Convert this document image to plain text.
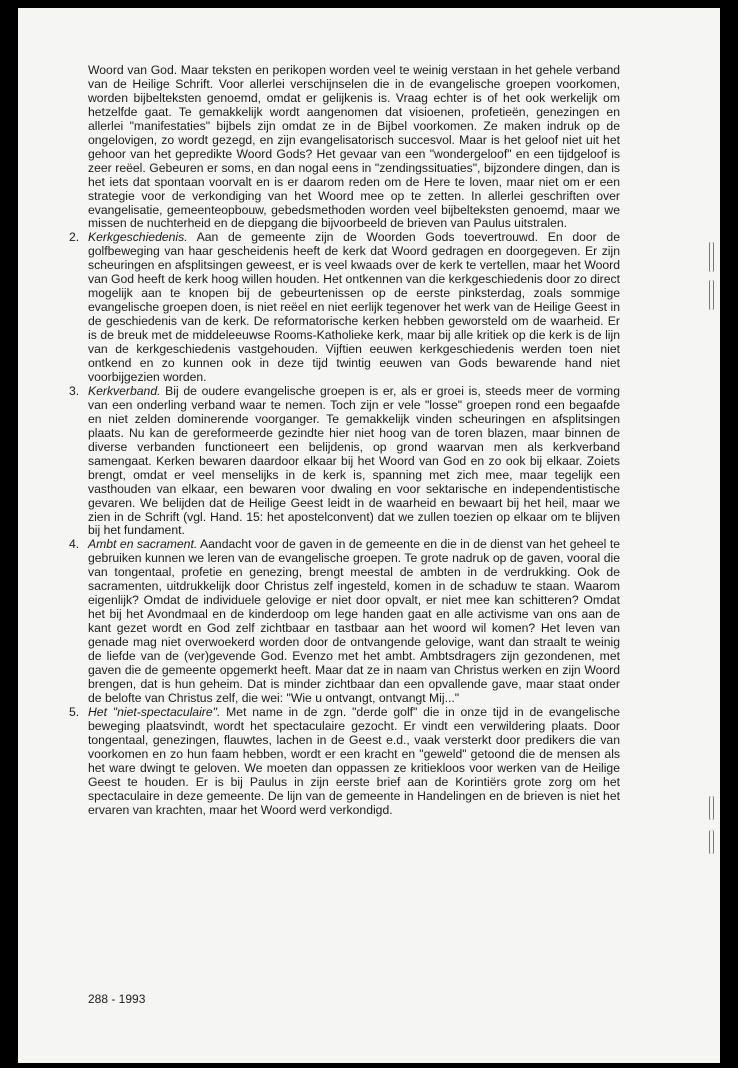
Woord van God. Maar teksten en perikopen worden veel te weinig verstaan in het gehele verband van de Heilige Schrift. Voor allerlei verschijnselen die in de evangelische groepen voorkomen, worden bijbelteksten genoemd, omdat er gelijkenis is. Vraag echter is of het ook werkelijk om hetzelfde gaat. Te gemakkelijk wordt aangenomen dat visioenen, profetieën, genezingen en allerlei "manifestaties" bijbels zijn omdat ze in de Bijbel voorkomen. Ze maken indruk op de ongelovigen, zo wordt gezegd, en zijn evangelisatorisch succesvol. Maar is het geloof niet uit het gehoor van het gepredikte Woord Gods? Het gevaar van een "wondergeloof" en een tijdgeloof is zeer reëel. Gebeuren er soms, en dan nogal eens in "zendingssituaties", bijzondere dingen, dan is het iets dat spontaan voorvalt en is er daarom reden om de Here te loven, maar niet om er een strategie voor de verkondiging van het Woord mee op te zetten. In allerlei geschriften over evangelisatie, gemeenteopbouw, gebedsmethoden worden veel bijbelteksten genoemd, maar we missen de nuchterheid en de diepgang die bijvoorbeeld de brieven van Paulus uitstralen.

2. Kerkgeschiedenis. Aan de gemeente zijn de Woorden Gods toevertrouwd. En door de golfbeweging van haar gescheidenis heeft de kerk dat Woord gedragen en doorgegeven. Er zijn scheuringen en afsplitsingen geweest, er is veel kwaads over de kerk te vertellen, maar het Woord van God heeft de kerk hoog willen houden. Het ontkennen van die kerkgeschiedenis door zo direct mogelijk aan te knopen bij de gebeurtenissen op de eerste pinksterdag, zoals sommige evangelische groepen doen, is niet reëel en niet eerlijk tegenover het werk van de Heilige Geest in de geschiedenis van de kerk. De reformatorische kerken hebben geworsteld om de waarheid. Er is de breuk met de middeleeuwse Rooms-Katholieke kerk, maar bij alle kritiek op die kerk is de lijn van de kerkgeschiedenis vastgehouden. Vijftien eeuwen kerkgeschiedenis werden toen niet ontkend en zo kunnen ook in deze tijd twintig eeuwen van Gods bewarende hand niet voorbijgezien worden.
3. Kerkverband. Bij de oudere evangelische groepen is er, als er groei is, steeds meer de vorming van een onderling verband waar te nemen. Toch zijn er vele "losse" groepen rond een begaafde en niet zelden dominerende voorganger. Te gemakkelijk vinden scheuringen en afsplitsingen plaats. Nu kan de gereformeerde gezindte hier niet hoog van de toren blazen, maar binnen de diverse verbanden functioneert een belijdenis, op grond waarvan men als kerkverband samengaat. Kerken bewaren daardoor elkaar bij het Woord van God en zo ook bij elkaar. Zoiets brengt, omdat er veel menselijks in de kerk is, spanning met zich mee, maar tegelijk een vasthouden van elkaar, een bewaren voor dwaling en voor sektarische en independentistische gevaren. We belijden dat de Heilige Geest leidt in de waarheid en bewaart bij het heil, maar we zien in de Schrift (vgl. Hand. 15: het apostelconvent) dat we zullen toezien op elkaar om te blijven bij het fundament.
4. Ambt en sacrament. Aandacht voor de gaven in de gemeente en die in de dienst van het geheel te gebruiken kunnen we leren van de evangelische groepen. Te grote nadruk op de gaven, vooral die van tongentaal, profetie en genezing, brengt meestal de ambten in de verdrukking. Ook de sacramenten, uitdrukkelijk door Christus zelf ingesteld, komen in de schaduw te staan. Waarom eigenlijk? Omdat de individuele gelovige er niet door opvalt, er niet mee kan schitteren? Omdat het bij het Avondmaal en de kinderdoop om lege handen gaat en alle activisme van ons aan de kant gezet wordt en God zelf zichtbaar en tastbaar aan het woord wil komen? Het leven van genade mag niet overwoekerd worden door de ontvangende gelovige, want dan straalt te weinig de liefde van de (ver)gevende God. Evenzo met het ambt. Ambtsdragers zijn gezondenen, met gaven die de gemeente opgemerkt heeft. Maar dat ze in naam van Christus werken en zijn Woord brengen, dat is hun geheim. Dat is minder zichtbaar dan een opvallende gave, maar staat onder de belofte van Christus zelf, die wei: "Wie u ontvangt, ontvangt Mij..."
5. Het "niet-spectaculaire". Met name in de zgn. "derde golf" die in onze tijd in de evangelische beweging plaatsvindt, wordt het spectaculaire gezocht. Er vindt een verwildering plaats. Door tongentaal, genezingen, flauwtes, lachen in de Geest e.d., vaak versterkt door predikers die van voorkomen en zo hun faam hebben, wordt er een kracht en "geweld" getoond die de mensen als het ware dwingt te geloven. We moeten dan oppassen ze kritiekloos voor werken van de Heilige Geest te houden. Er is bij Paulus in zijn eerste brief aan de Korintiërs grote zorg om het spectaculaire in deze gemeente. De lijn van de gemeente in Handelingen en de brieven is niet het ervaren van krachten, maar het Woord werd verkondigd.
288 - 1993
